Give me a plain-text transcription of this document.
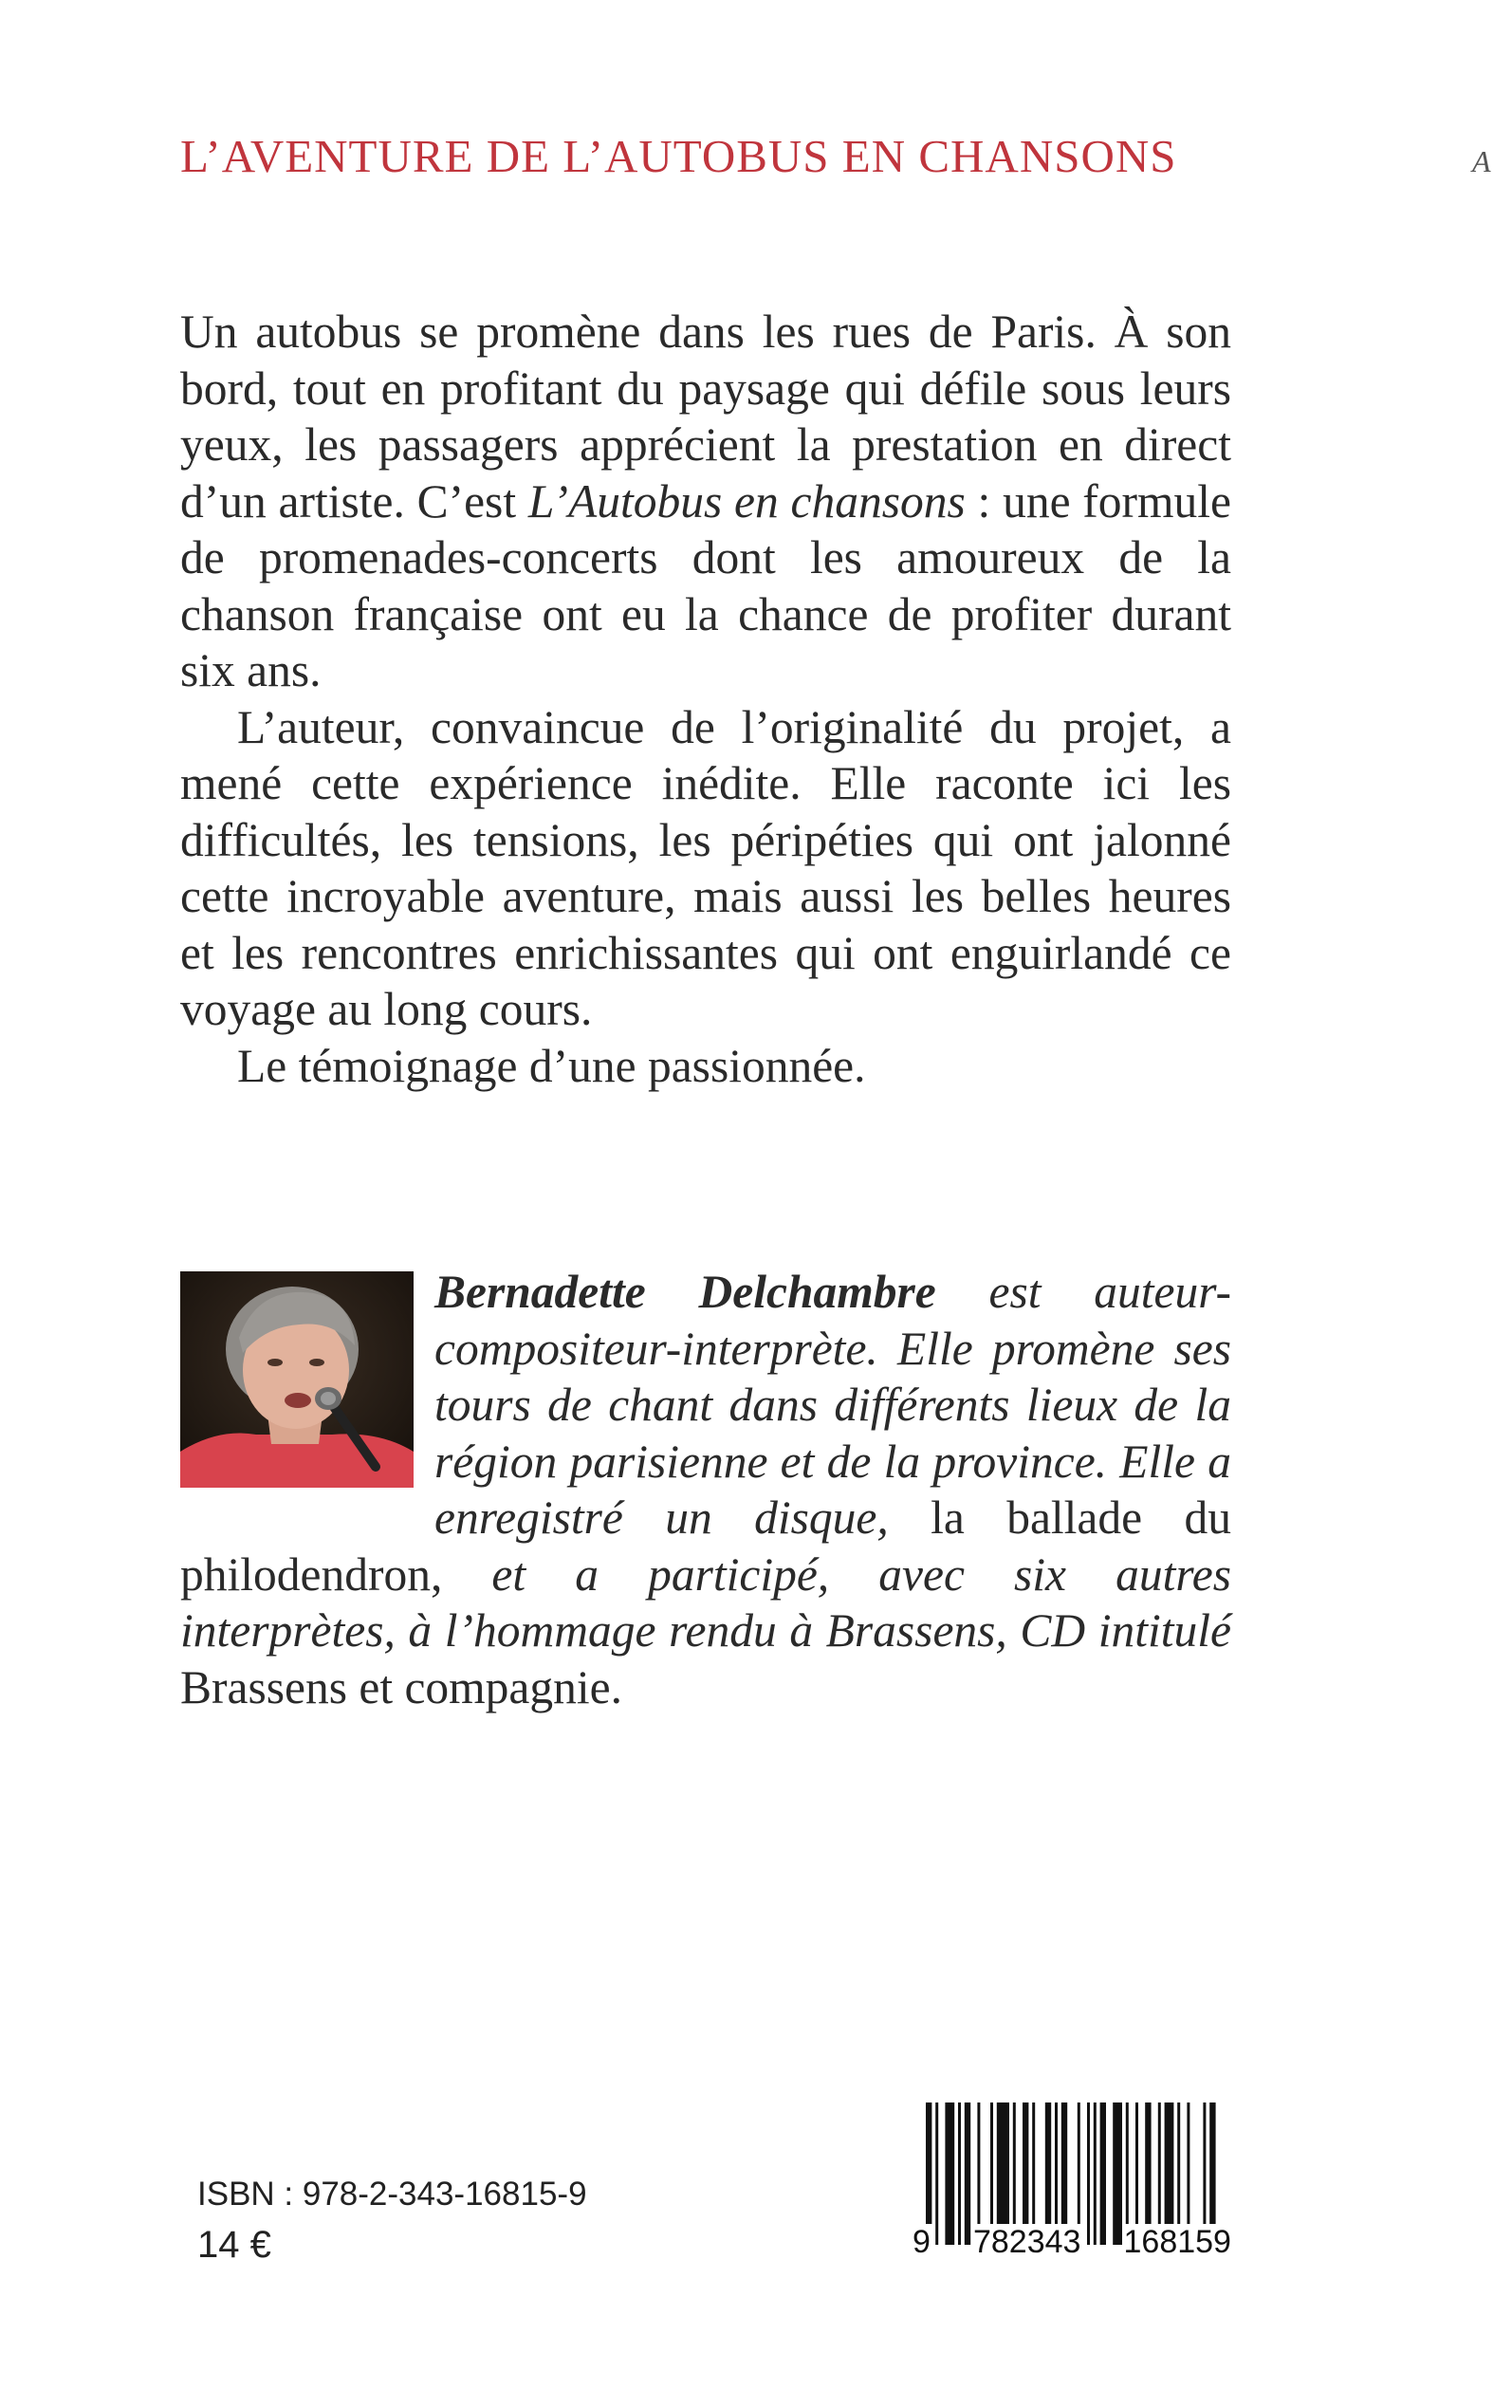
L’AVENTURE DE L’AUTOBUS EN CHANSONS	A

Un autobus se promène dans les rues de Paris. À son bord, tout en profitant du paysage qui défile sous leurs yeux, les passagers apprécient la prestation en direct d’un artiste. C’est L’Autobus en chansons : une formule de promenades-concerts dont les amoureux de la chanson française ont eu la chance de profiter durant six ans.

L’auteur, convaincue de l’originalité du projet, a mené cette expérience inédite. Elle raconte ici les difficultés, les tensions, les péripéties qui ont jalonné cette incroyable aventure, mais aussi les belles heures et les rencontres enrichissantes qui ont enguirlandé ce voyage au long cours.

Le témoignage d’une passionnée.

Bernadette Delchambre est auteur-compositeur-interprète. Elle promène ses tours de chant dans différents lieux de la région parisienne et de la province. Elle a enregistré un disque, la ballade du philodendron, et a participé, avec six autres interprètes, à l’hommage rendu à Brassens, CD intitulé Brassens et compagnie.
ISBN : 978-2-343-16815-9
14 €	9 782343 168159
